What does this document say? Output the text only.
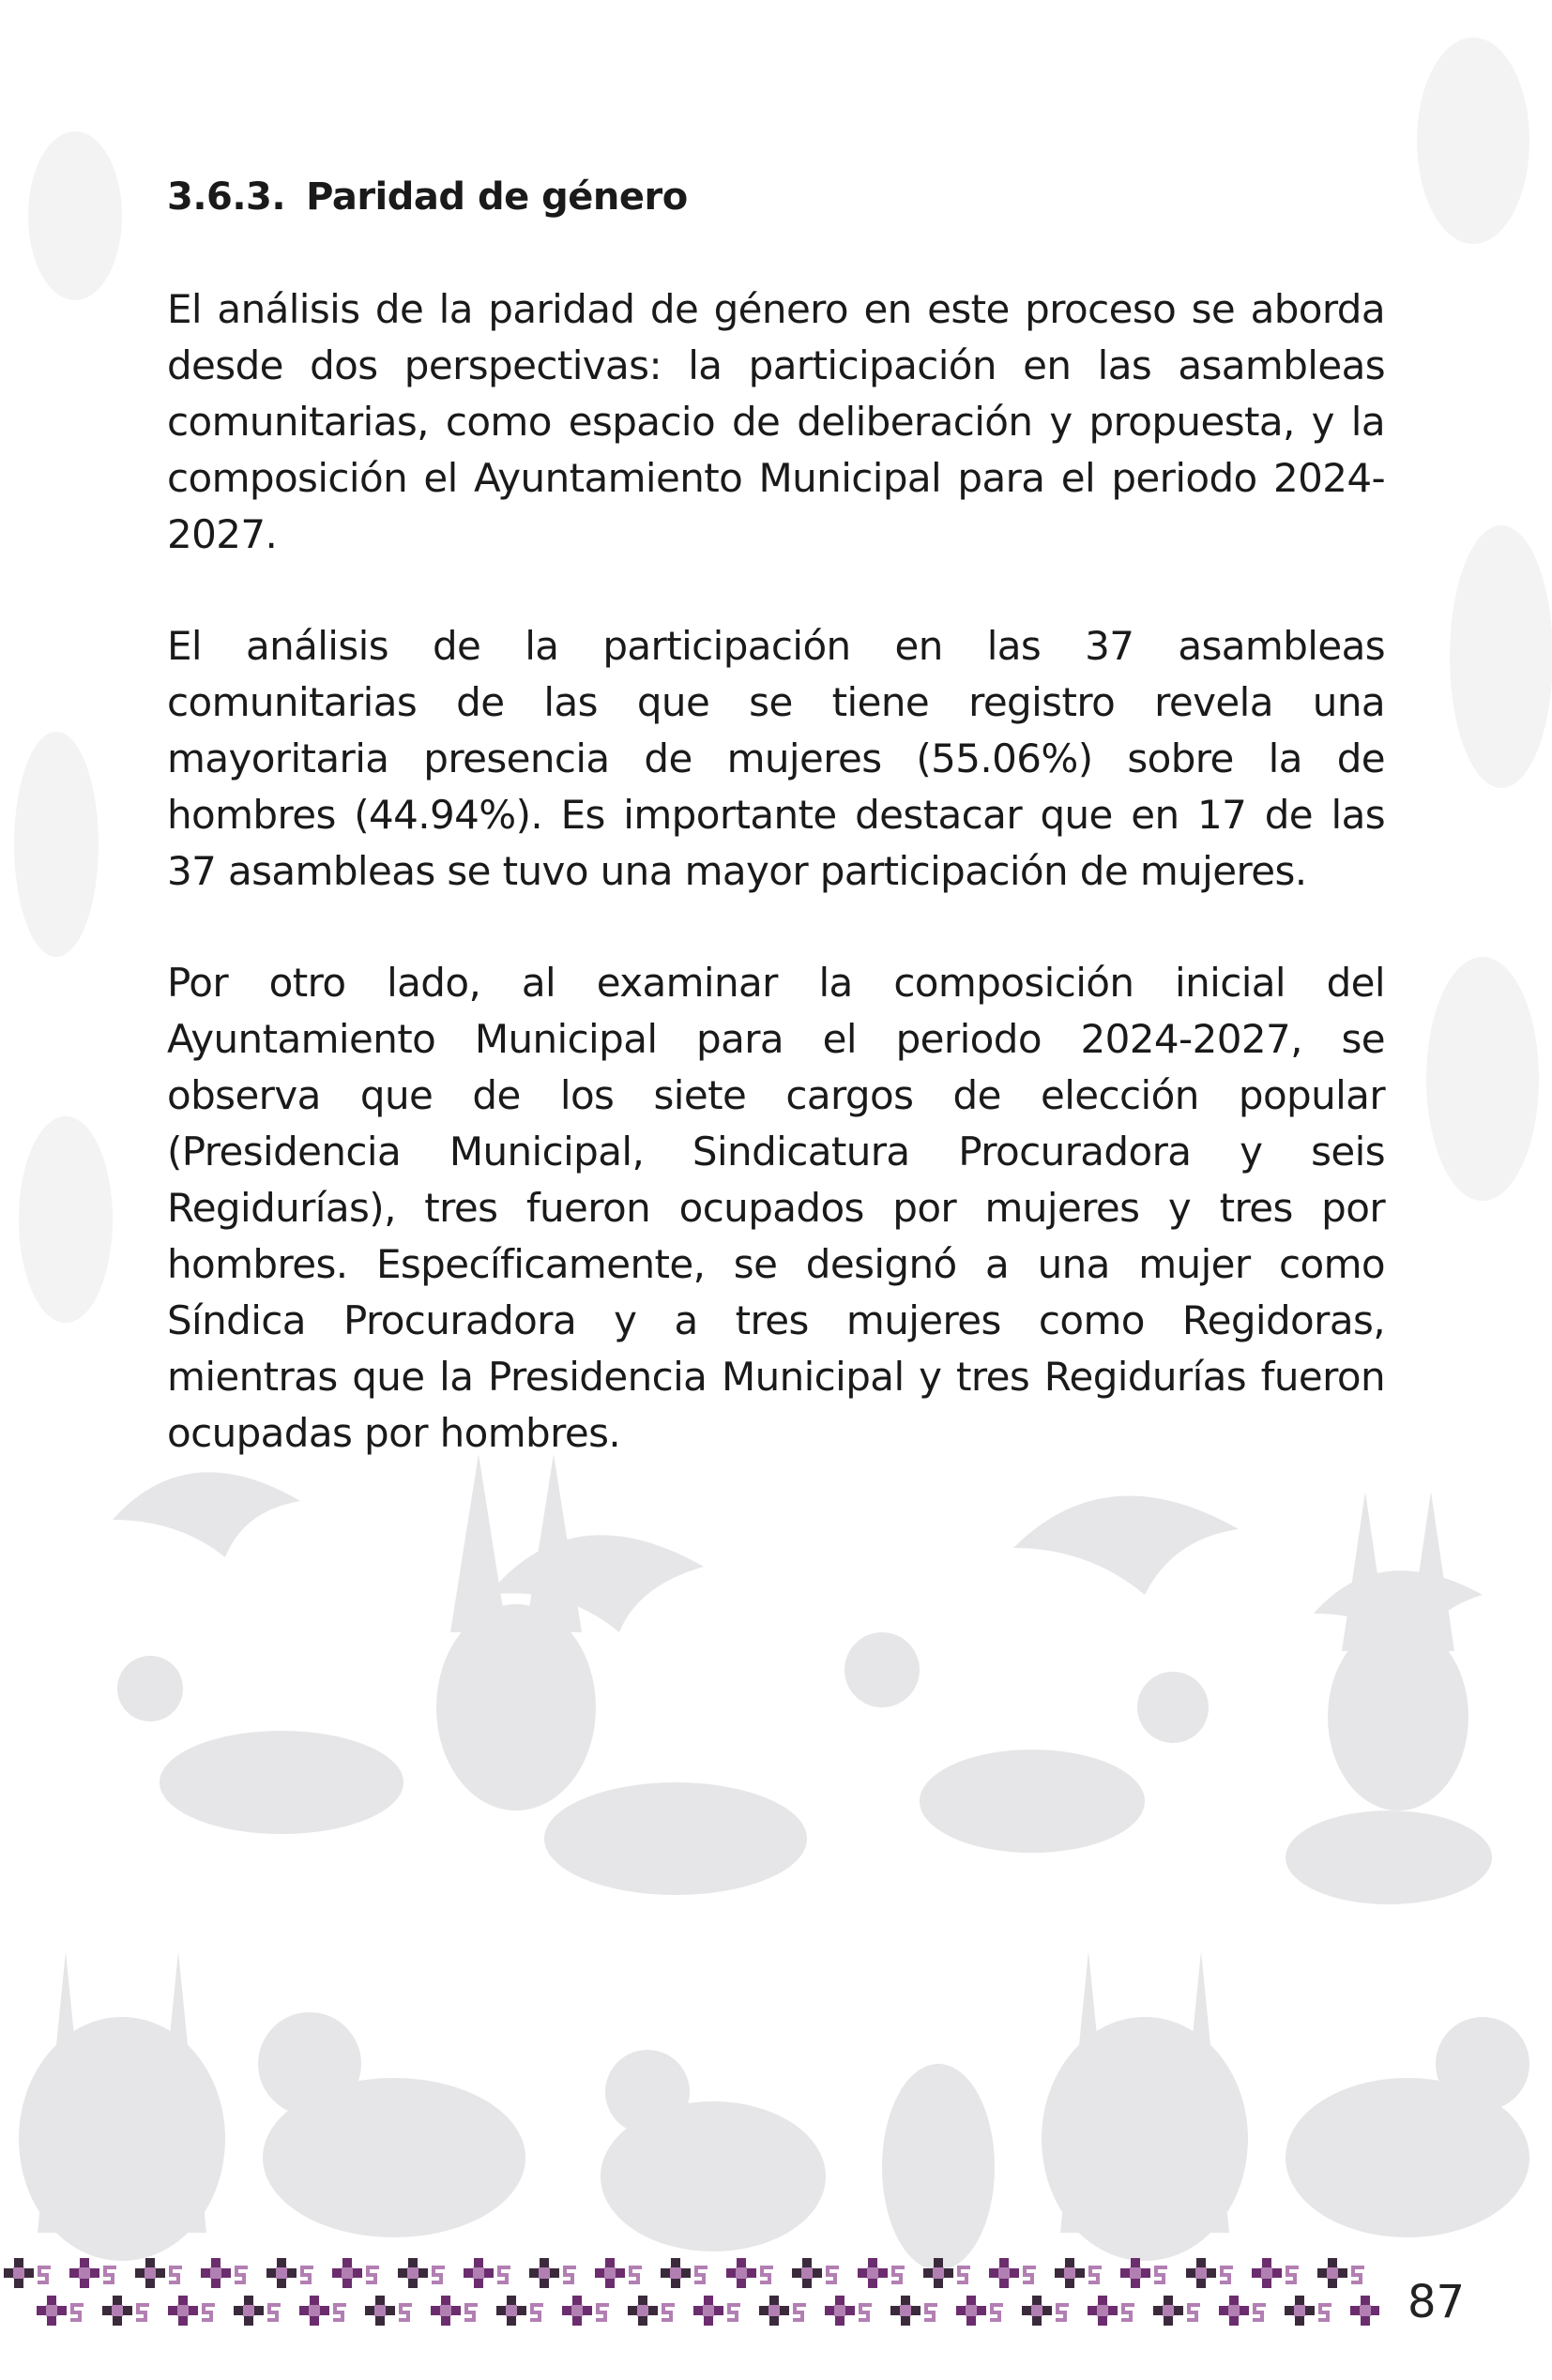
3.6.3. Paridad de género

El análisis de la paridad de género en este proceso se aborda desde dos perspectivas: la participación en las asambleas comunitarias, como espacio de deliberación y propuesta, y la composición el Ayuntamiento Municipal para el periodo 2024-2027.

El análisis de la participación en las 37 asambleas comunitarias de las que se tiene registro revela una mayoritaria presencia de mujeres (55.06%) sobre la de hombres (44.94%). Es importante destacar que en 17 de las 37 asambleas se tuvo una mayor participación de mujeres.

Por otro lado, al examinar la composición inicial del Ayuntamiento Municipal para el periodo 2024-2027, se observa que de los siete cargos de elección popular (Presidencia Municipal, Sindicatura Procuradora y seis Regidurías), tres fueron ocupados por mujeres y tres por hombres. Específicamente, se designó a una mujer como Síndica Procuradora y a tres mujeres como Regidoras, mientras que la Presidencia Municipal y tres Regidurías fueron ocupadas por hombres.

87
